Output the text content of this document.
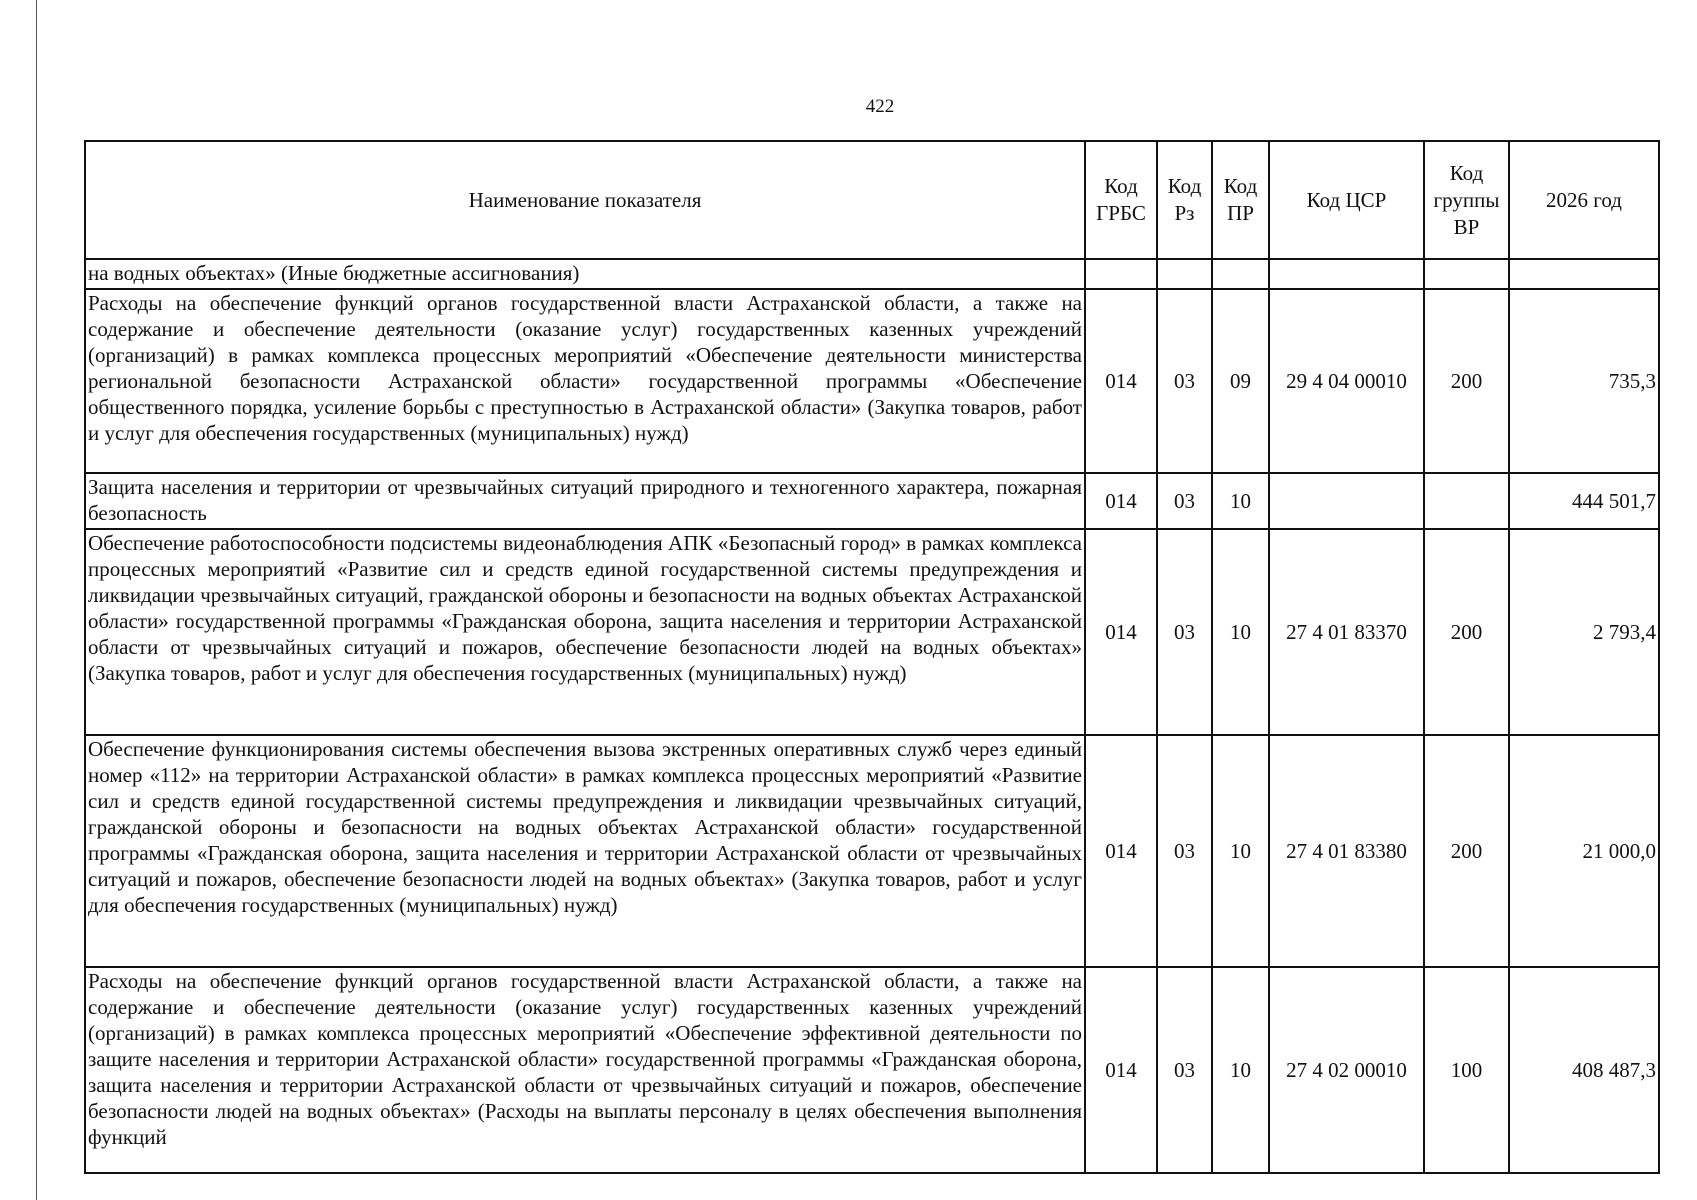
422
Наименование показателя	Код ГРБС	Код Рз	Код ПР	Код ЦСР	Код группы ВР	2026 год
на водных объектах» (Иные бюджетные ассигнования)						
Расходы на обеспечение функций органов государственной власти Астраханской области, а также на содержание и обеспечение деятельности (оказание услуг) государственных казенных учреждений (организаций) в рамках комплекса процессных мероприятий «Обеспечение деятельности министерства региональной безопасности Астраханской области» государственной программы «Обеспечение общественного порядка, усиление борьбы с преступностью в Астраханской области» (Закупка товаров, работ и услуг для обеспечения государственных (муниципальных) нужд)	014	03	09	29 4 04 00010	200	735,3
Защита населения и территории от чрезвычайных ситуаций природного и техногенного характера, пожарная безопасность	014	03	10			444 501,7
Обеспечение работоспособности подсистемы видеонаблюдения АПК «Безопасный город» в рамках комплекса процессных мероприятий «Развитие сил и средств единой государственной системы предупреждения и ликвидации чрезвычайных ситуаций, гражданской обороны и безопасности на водных объектах Астраханской области» государственной программы «Гражданская оборона, защита населения и территории Астраханской области от чрезвычайных ситуаций и пожаров, обеспечение безопасности людей на водных объектах» (Закупка товаров, работ и услуг для обеспечения государственных (муниципальных) нужд)	014	03	10	27 4 01 83370	200	2 793,4
Обеспечение функционирования системы обеспечения вызова экстренных оперативных служб через единый номер «112» на территории Астраханской области» в рамках комплекса процессных мероприятий «Развитие сил и средств единой государственной системы предупреждения и ликвидации чрезвычайных ситуаций, гражданской обороны и безопасности на водных объектах Астраханской области» государственной программы «Гражданская оборона, защита населения и территории Астраханской области от чрезвычайных ситуаций и пожаров, обеспечение безопасности людей на водных объектах» (Закупка товаров, работ и услуг для обеспечения государственных (муниципальных) нужд)	014	03	10	27 4 01 83380	200	21 000,0
Расходы на обеспечение функций органов государственной власти Астраханской области, а также на содержание и обеспечение деятельности (оказание услуг) государственных казенных учреждений (организаций) в рамках комплекса процессных мероприятий «Обеспечение эффективной деятельности по защите населения и территории Астраханской области» государственной программы «Гражданская оборона, защита населения и территории Астраханской области от чрезвычайных ситуаций и пожаров, обеспечение безопасности людей на водных объектах» (Расходы на выплаты персоналу в целях обеспечения выполнения функций	014	03	10	27 4 02 00010	100	408 487,3
